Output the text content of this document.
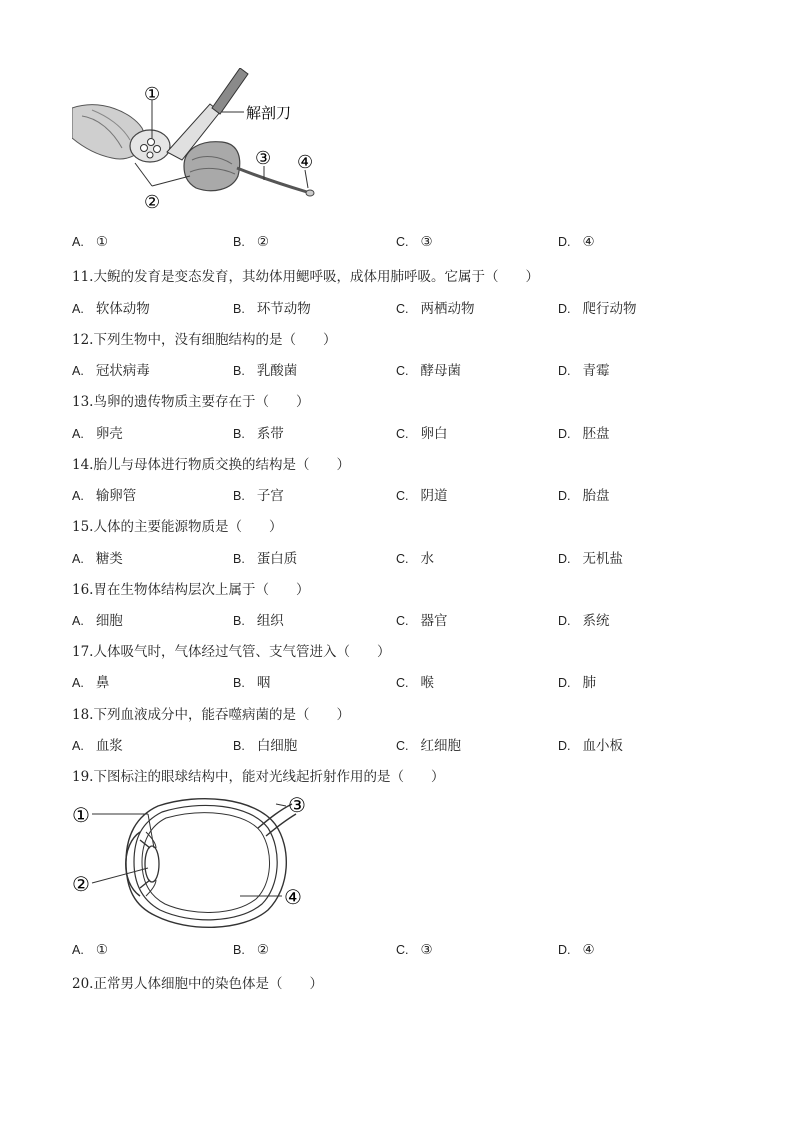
①
②
③ ④
解剖刀
A. ①	B. ②	C. ③	D. ④
11.大鲵的发育是变态发育，其幼体用鳃呼吸，成体用肺呼吸。它属于（　　）
A. 软体动物	B. 环节动物	C. 两栖动物	D. 爬行动物
12.下列生物中，没有细胞结构的是（　　）
A. 冠状病毒	B. 乳酸菌	C. 酵母菌	D. 青霉
13.鸟卵的遗传物质主要存在于（　　）
A. 卵壳	B. 系带	C. 卵白	D. 胚盘
14.胎儿与母体进行物质交换的结构是（　　）
A. 输卵管	B. 子宫	C. 阴道	D. 胎盘
15.人体的主要能源物质是（　　）
A. 糖类	B. 蛋白质	C. 水	D. 无机盐
16.胃在生物体结构层次上属于（　　）
A. 细胞	B. 组织	C. 器官	D. 系统
17.人体吸气时，气体经过气管、支气管进入（　　）
A. 鼻	B. 咽	C. 喉	D. 肺
18.下列血液成分中，能吞噬病菌的是（　　）
A. 血浆	B. 白细胞	C. 红细胞	D. 血小板
19.下图标注的眼球结构中，能对光线起折射作用的是（　　）
①
②
③
④
A. ①	B. ②	C. ③	D. ④
20.正常男人体细胞中的染色体是（　　）
